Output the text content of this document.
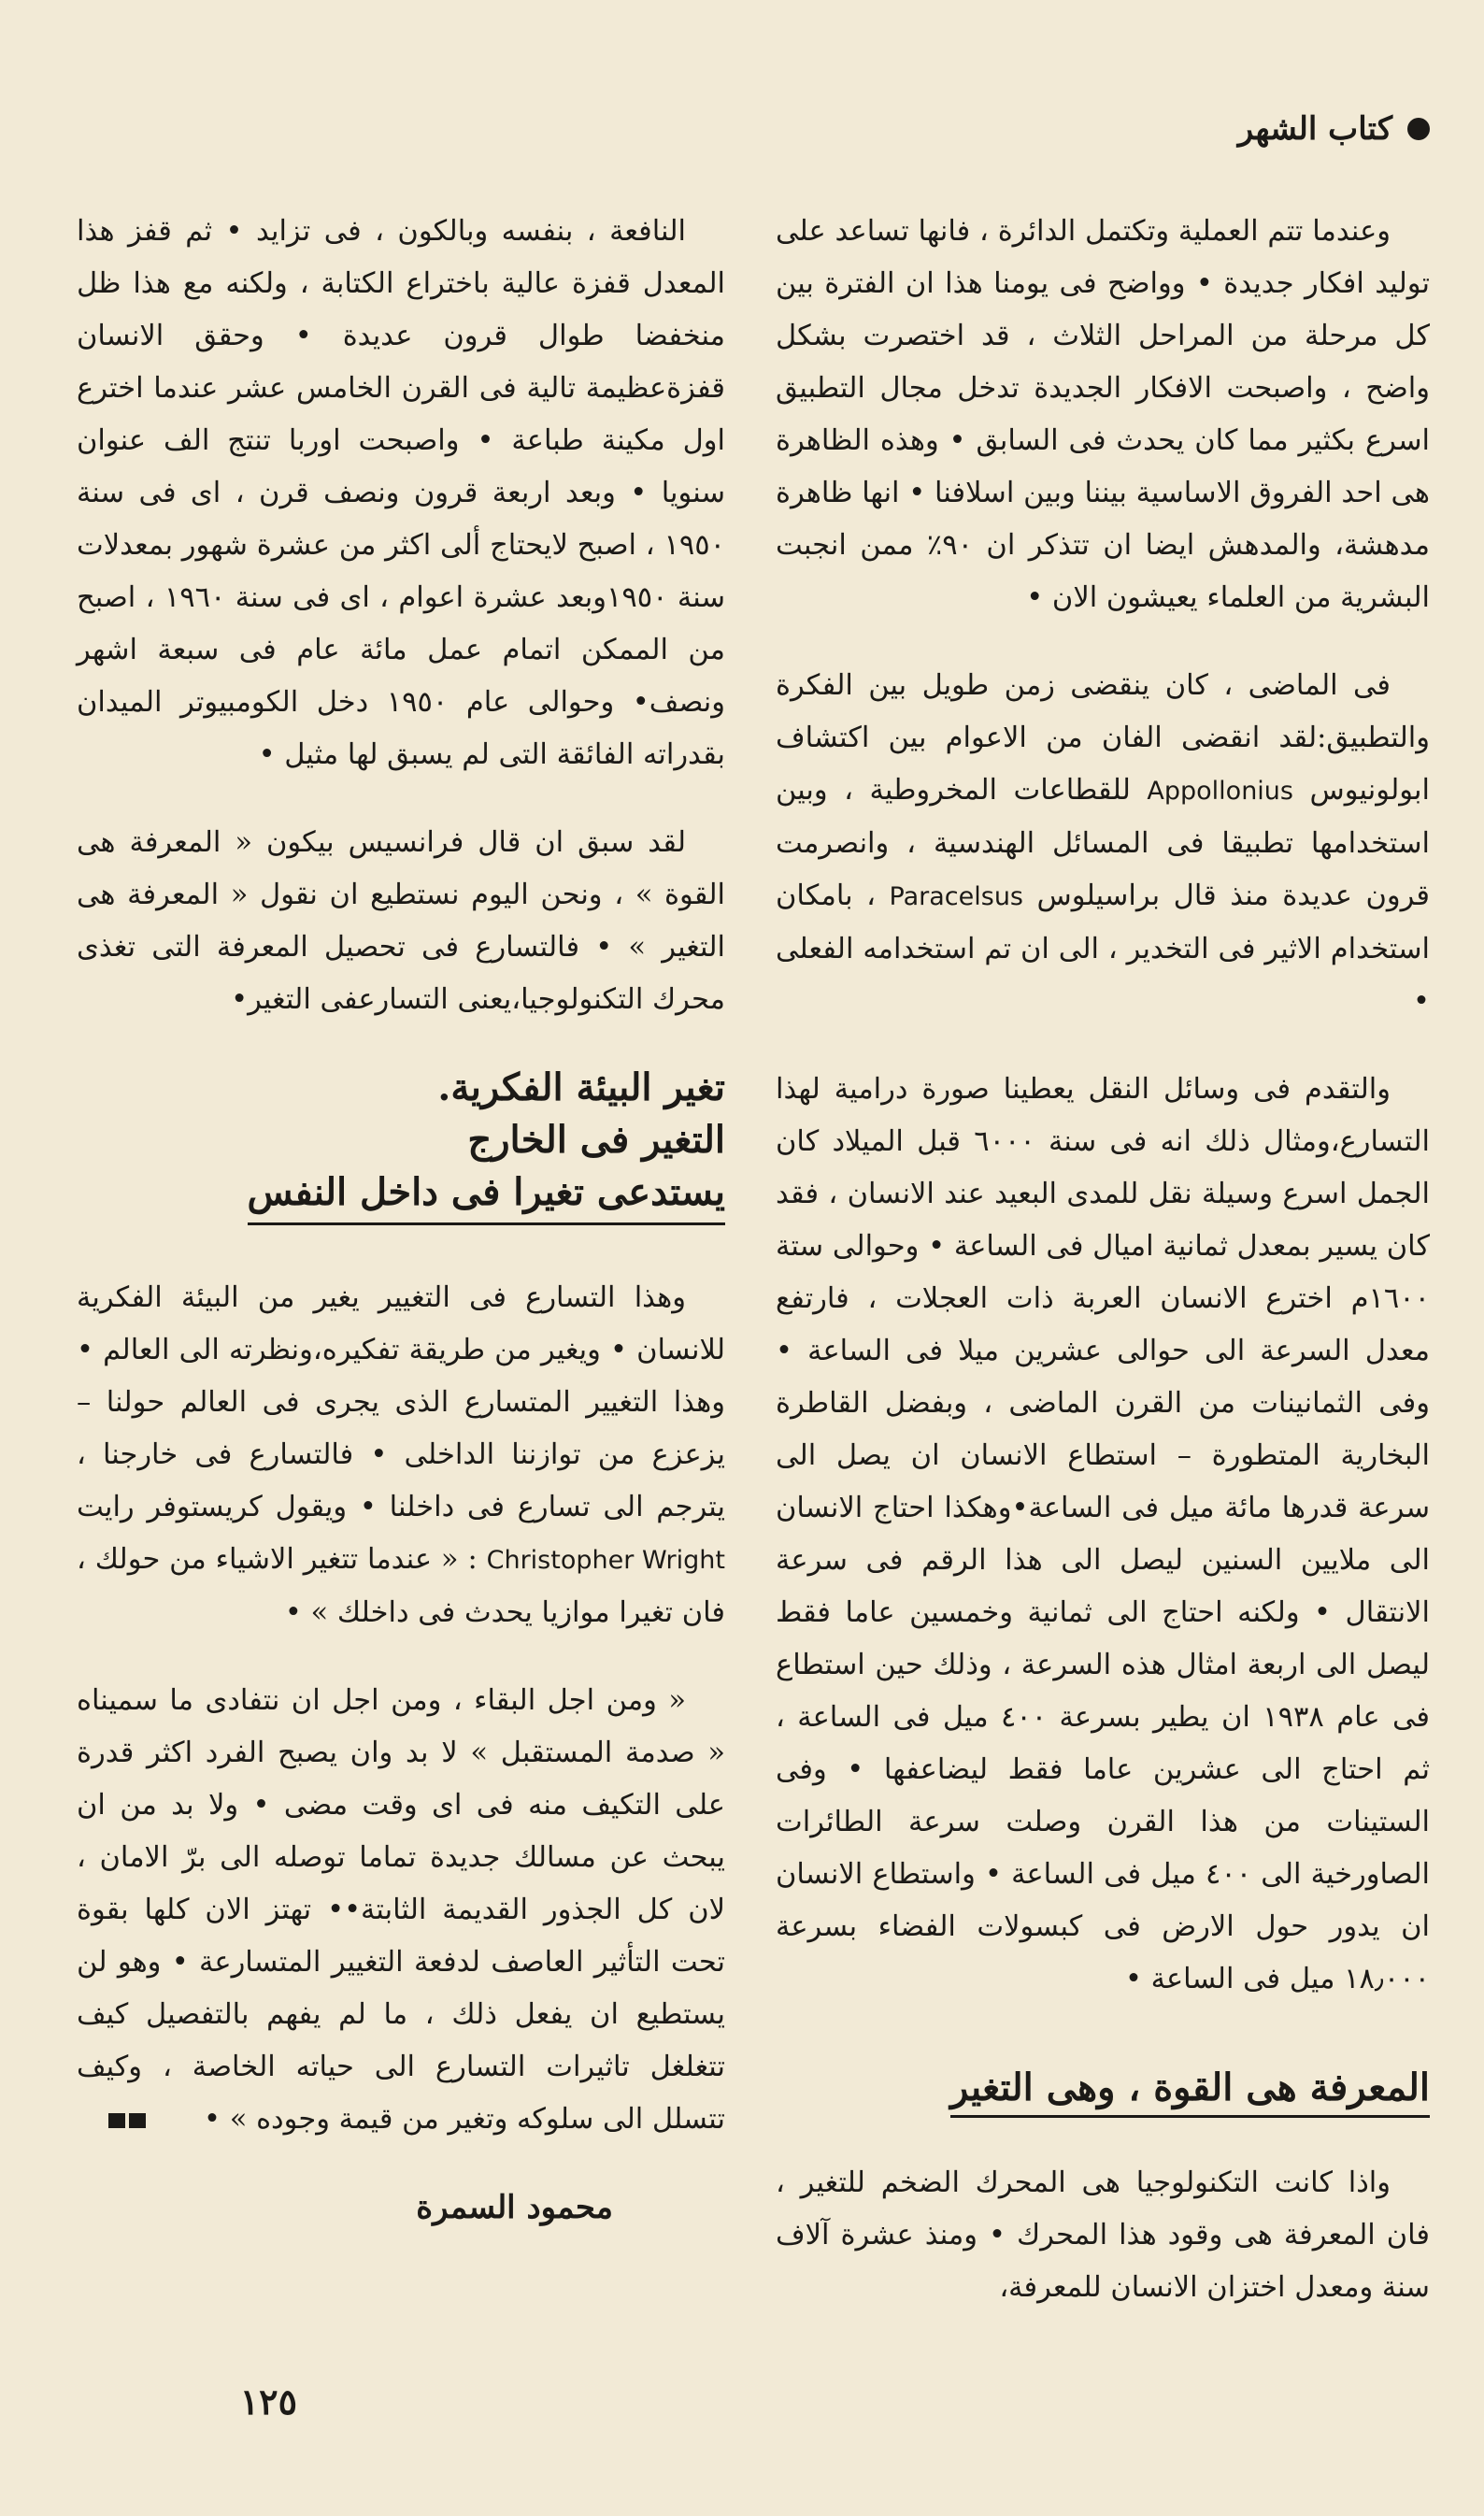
كتاب الشهر

وعندما تتم العملية وتكتمل الدائرة ، فانها تساعد على توليد افكار جديدة • وواضح فى يومنا هذا ان الفترة بين كل مرحلة من المراحل الثلاث ، قد اختصرت بشكل واضح ، واصبحت الافكار الجديدة تدخل مجال التطبيق اسرع بكثير مما كان يحدث فى السابق • وهذه الظاهرة هى احد الفروق الاساسية بيننا وبين اسلافنا • انها ظاهرة مدهشة، والمدهش ايضا ان تتذكر ان ٩٠٪ ممن انجبت البشرية من العلماء يعيشون الان •

فى الماضى ، كان ينقضى زمن طويل بين الفكرة والتطبيق:لقد انقضى الفان من الاعوام بين اكتشاف ابولونيوس Appollonius للقطاعات المخروطية ، وبين استخدامها تطبيقا فى المسائل الهندسية ، وانصرمت قرون عديدة منذ قال براسيلوس Paracelsus ، بامكان استخدام الاثير فى التخدير ، الى ان تم استخدامه الفعلى •

والتقدم فى وسائل النقل يعطينا صورة درامية لهذا التسارع،ومثال ذلك انه فى سنة ٦٠٠٠ قبل الميلاد كان الجمل اسرع وسيلة نقل للمدى البعيد عند الانسان ، فقد كان يسير بمعدل ثمانية اميال فى الساعة • وحوالى ستة ١٦٠٠م اخترع الانسان العربة ذات العجلات ، فارتفع معدل السرعة الى حوالى عشرين ميلا فى الساعة • وفى الثمانينات من القرن الماضى ، وبفضل القاطرة البخارية المتطورة – استطاع الانسان ان يصل الى سرعة قدرها مائة ميل فى الساعة•وهكذا احتاج الانسان الى ملايين السنين ليصل الى هذا الرقم فى سرعة الانتقال • ولكنه احتاج الى ثمانية وخمسين عاما فقط ليصل الى اربعة امثال هذه السرعة ، وذلك حين استطاع فى عام ١٩٣٨ ان يطير بسرعة ٤٠٠ ميل فى الساعة ، ثم احتاج الى عشرين عاما فقط ليضاعفها • وفى الستينات من هذا القرن وصلت سرعة الطائرات الصاورخية الى ٤٠٠ ميل فى الساعة • واستطاع الانسان ان يدور حول الارض فى كبسولات الفضاء بسرعة ١٨٫٠٠٠ ميل فى الساعة •

المعرفة هى القوة ، وهى التغير

واذا كانت التكنولوجيا هى المحرك الضخم للتغير ، فان المعرفة هى وقود هذا المحرك • ومنذ عشرة آلاف سنة ومعدل اختزان الانسان للمعرفة،

النافعة ، بنفسه وبالكون ، فى تزايد • ثم قفز هذا المعدل قفزة عالية باختراع الكتابة ، ولكنه مع هذا ظل منخفضا طوال قرون عديدة • وحقق الانسان قفزةعظيمة تالية فى القرن الخامس عشر عندما اخترع اول مكينة طباعة • واصبحت اوربا تنتج الف عنوان سنويا • وبعد اربعة قرون ونصف قرن ، اى فى سنة ١٩٥٠ ، اصبح لايحتاج ألى اكثر من عشرة شهور بمعدلات سنة ١٩٥٠وبعد عشرة اعوام ، اى فى سنة ١٩٦٠ ، اصبح من الممكن اتمام عمل مائة عام فى سبعة اشهر ونصف• وحوالى عام ١٩٥٠ دخل الكومبيوتر الميدان بقدراته الفائقة التى لم يسبق لها مثيل •

لقد سبق ان قال فرانسيس بيكون « المعرفة هى القوة » ، ونحن اليوم نستطيع ان نقول « المعرفة هى التغير » • فالتسارع فى تحصيل المعرفة التى تغذى محرك التكنولوجيا،يعنى التسارعفى التغير•

تغير البيئة الفكرية.
التغير فى الخارج
يستدعى تغيرا فى داخل النفس

وهذا التسارع فى التغيير يغير من البيئة الفكرية للانسان • ويغير من طريقة تفكيره،ونظرته الى العالم • وهذا التغيير المتسارع الذى يجرى فى العالم حولنا – يزعزع من توازننا الداخلى • فالتسارع فى خارجنا ، يترجم الى تسارع فى داخلنا • ويقول كريستوفر رايت Christopher Wright : « عندما تتغير الاشياء من حولك ، فان تغيرا موازيا يحدث فى داخلك » •

« ومن اجل البقاء ، ومن اجل ان نتفادى ما سميناه « صدمة المستقبل » لا بد وان يصبح الفرد اكثر قدرة على التكيف منه فى اى وقت مضى • ولا بد من ان يبحث عن مسالك جديدة تماما توصله الى برّ الامان ، لان كل الجذور القديمة الثابتة•• تهتز الان كلها بقوة تحت التأثير العاصف لدفعة التغيير المتسارعة • وهو لن يستطيع ان يفعل ذلك ، ما لم يفهم بالتفصيل كيف تتغلغل تاثيرات التسارع الى حياته الخاصة ، وكيف تتسلل الى سلوكه وتغير من قيمة وجوده » •

محمود السمرة
١٢٥
